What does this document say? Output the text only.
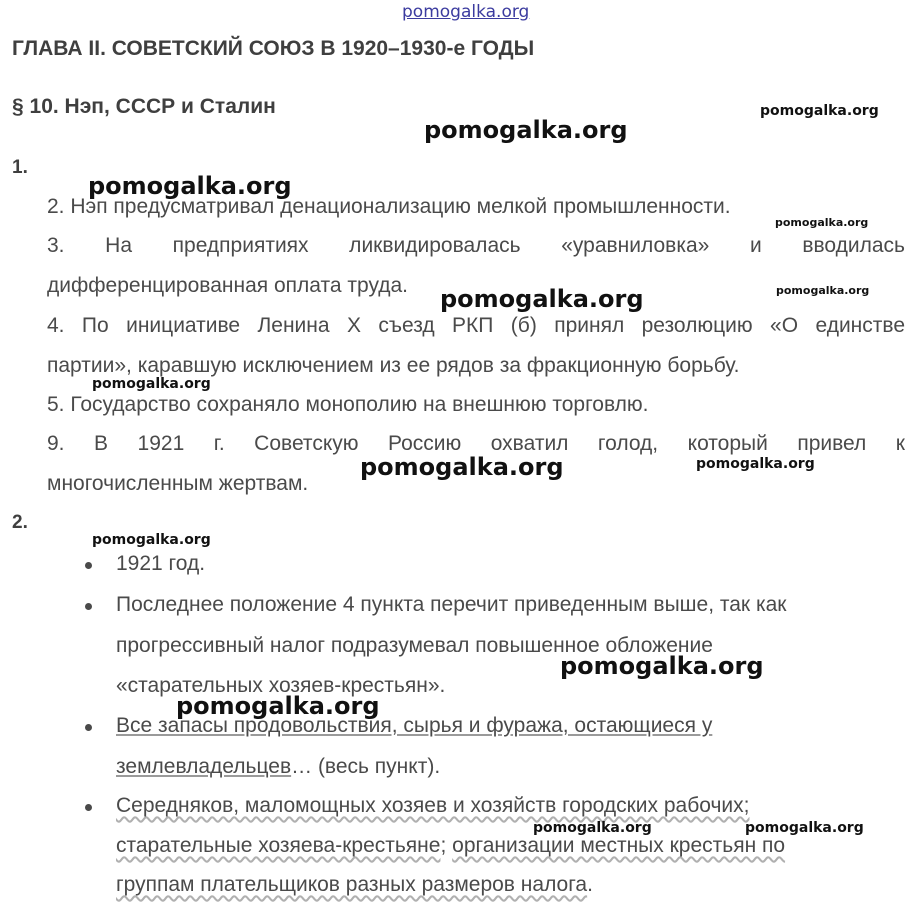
pomogalka.org
ГЛАВА II. СОВЕТСКИЙ СОЮЗ В 1920–1930-е ГОДЫ
§ 10. Нэп, СССР и Сталин
1.
2. Нэп предусматривал денационализацию мелкой промышленности.
3. На предприятиях ликвидировалась «уравниловка» и вводилась
дифференцированная оплата труда.
4. По инициативе Ленина X съезд РКП (б) принял резолюцию «О единстве
партии», каравшую исключением из ее рядов за фракционную борьбу.
5. Государство сохраняло монополию на внешнюю торговлю.
9. В 1921 г. Советскую Россию охватил голод, который привел к
многочисленным жертвам.
2.
1921 год.
Последнее положение 4 пункта перечит приведенным выше, так как
прогрессивный налог подразумевал повышенное обложение
«старательных хозяев-крестьян».
Все запасы продовольствия, сырья и фуража, остающиеся у
землевладельцев… (весь пункт).
Середняков, маломощных хозяев и хозяйств городских рабочих;
старательные хозяева-крестьяне; организации местных крестьян по
группам плательщиков разных размеров налога.
pomogalka.org
pomogalka.org
pomogalka.org
pomogalka.org
pomogalka.org	pomogalka.org
pomogalka.org
pomogalka.org	pomogalka.org
pomogalka.org
pomogalka.org
pomogalka.org
pomogalka.org	pomogalka.org
